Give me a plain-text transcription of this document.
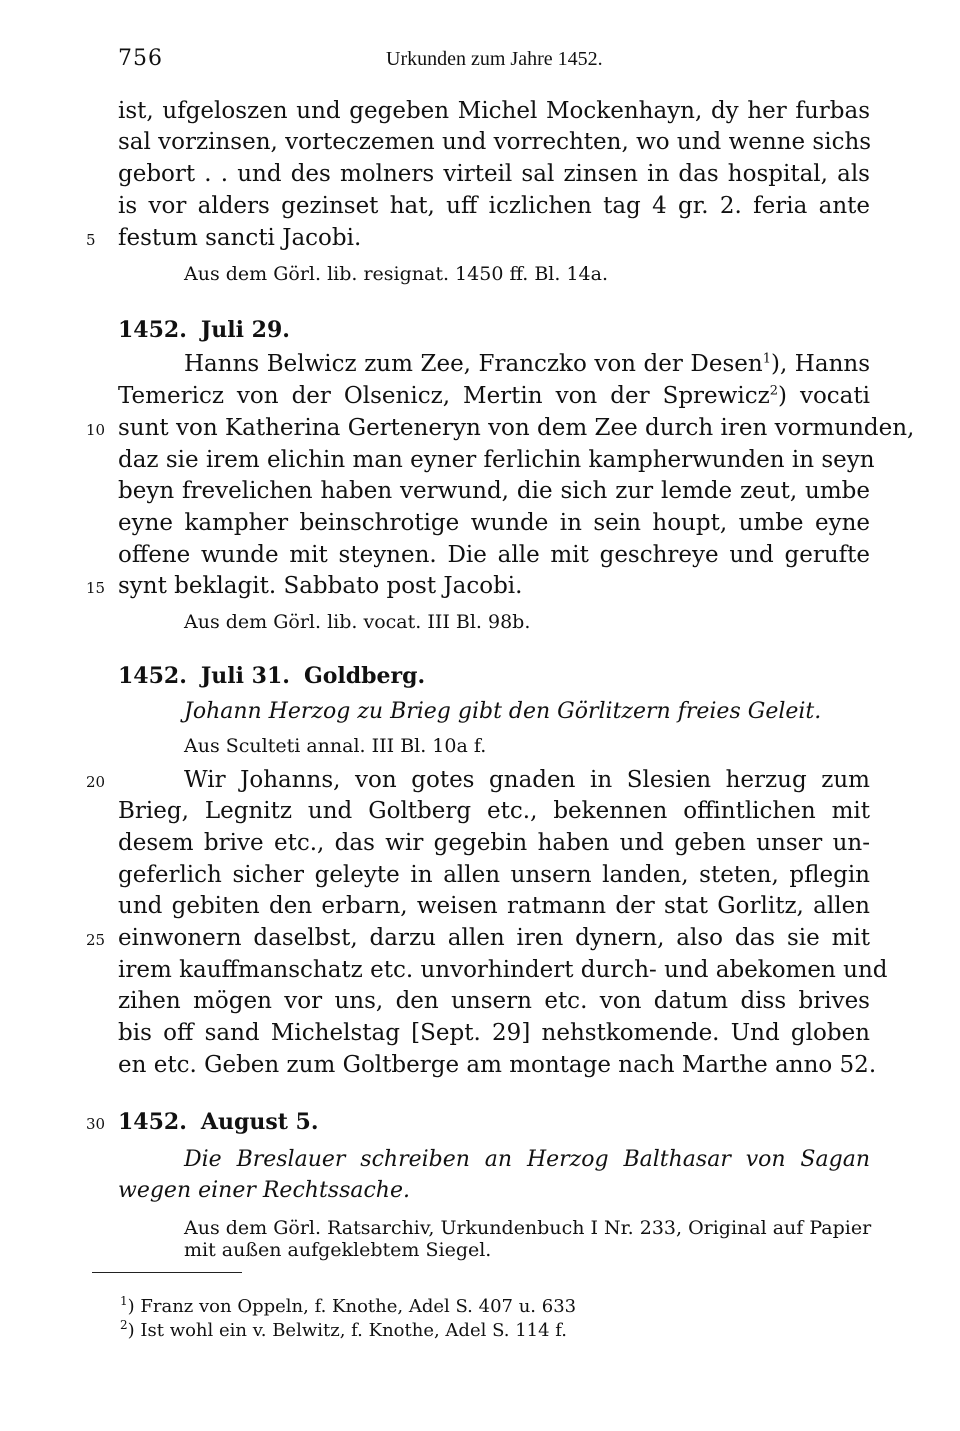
756	Urkunden zum Jahre 1452.
ist, ufgeloszen und gegeben Michel Mockenhayn, dy her furbas
sal vorzinsen, vorteczemen und vorrechten, wo und wenne sichs
gebort . . und des molners virteil sal zinsen in das hospital, als
is vor alders gezinset hat, uff iczlichen tag 4 gr. 2. feria ante
festum sancti Jacobi.
Aus dem Görl. lib. resignat. 1450 ff. Bl. 14a.
1452. Juli 29.
Hanns Belwicz zum Zee, Franczko von der Desen$^1$), Hanns
Temericz von der Olsenicz, Mertin von der Sprewicz$^2$) vocati
sunt von Katherina Gerteneryn von dem Zee durch iren vormunden,
daz sie irem elichin man eyner ferlichin kampherwunden in seyn
beyn frevelichen haben verwund, die sich zur lemde zeut, umbe
eyne kampher beinschrotige wunde in sein houpt, umbe eyne
offene wunde mit steynen. Die alle mit geschreye und gerufte
synt beklagit. Sabbato post Jacobi.
Aus dem Görl. lib. vocat. III Bl. 98b.
1452. Juli 31. Goldberg.
Johann Herzog zu Brieg gibt den Görlitzern freies Geleit.
Aus Sculteti annal. III Bl. 10a f.
Wir Johanns, von gotes gnaden in Slesien herzug zum
Brieg, Legnitz und Goltberg etc., bekennen offintlichen mit
desem brive etc., das wir gegebin haben und geben unser un-
geferlich sicher geleyte in allen unsern landen, steten, pflegin
und gebiten den erbarn, weisen ratmann der stat Gorlitz, allen
einwonern daselbst, darzu allen iren dynern, also das sie mit
irem kauffmanschatz etc. unvorhindert durch- und abekomen und
zihen mögen vor uns, den unsern etc. von datum diss brives
bis off sand Michelstag [Sept. 29] nehstkomende. Und globen
en etc. Geben zum Goltberge am montage nach Marthe anno 52.
1452. August 5.
Die Breslauer schreiben an Herzog Balthasar von Sagan
wegen einer Rechtssache.
Aus dem Görl. Ratsarchiv, Urkundenbuch I Nr. 233, Original auf Papier
mit außen aufgeklebtem Siegel.
5
10
15
20
25
30
$^1$) Franz von Oppeln, f. Knothe, Adel S. 407 u. 633
$^2$) Ist wohl ein v. Belwitz, f. Knothe, Adel S. 114 f.
